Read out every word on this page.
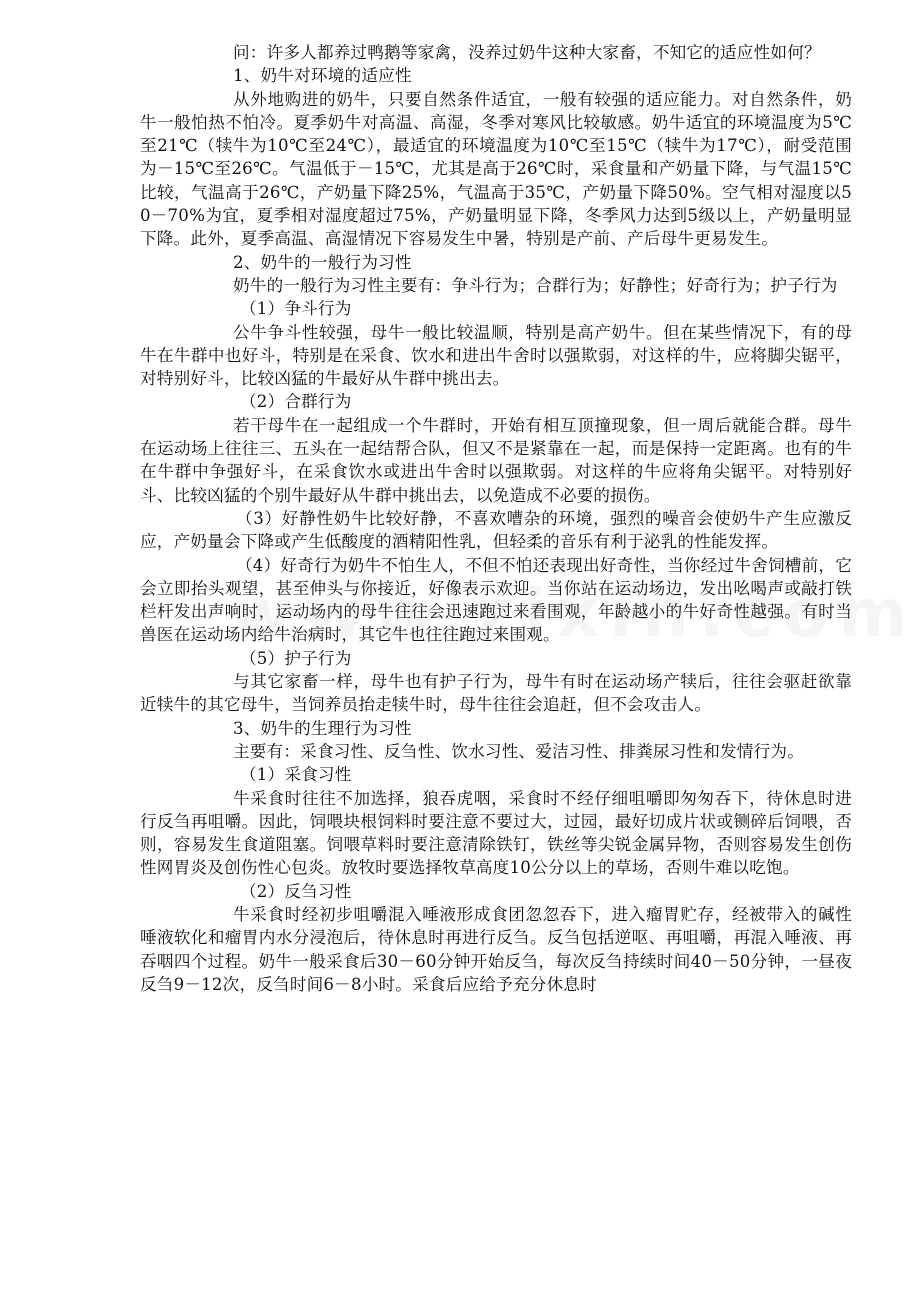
问：许多人都养过鸭鹅等家禽，没养过奶牛这种大家畜，不知它的适应性如何？

1、奶牛对环境的适应性

从外地购进的奶牛，只要自然条件适宜，一般有较强的适应能力。对自然条件，奶牛一般怕热不怕冷。夏季奶牛对高温、高湿，冬季对寒风比较敏感。奶牛适宜的环境温度为5℃至21℃（犊牛为10℃至24℃），最适宜的环境温度为10℃至15℃（犊牛为17℃），耐受范围为－15℃至26℃。气温低于－15℃，尤其是高于26℃时，采食量和产奶量下降，与气温15℃比较，气温高于26℃，产奶量下降25%，气温高于35℃，产奶量下降50%。空气相对湿度以50－70%为宜，夏季相对湿度超过75%，产奶量明显下降，冬季风力达到5级以上，产奶量明显下降。此外，夏季高温、高湿情况下容易发生中暑，特别是产前、产后母牛更易发生。

2、奶牛的一般行为习性

奶牛的一般行为习性主要有：争斗行为；合群行为；好静性；好奇行为；护子行为

（1）争斗行为

公牛争斗性较强，母牛一般比较温顺，特别是高产奶牛。但在某些情况下，有的母牛在牛群中也好斗，特别是在采食、饮水和进出牛舍时以强欺弱，对这样的牛，应将脚尖锯平，对特别好斗，比较凶猛的牛最好从牛群中挑出去。

（2）合群行为

若干母牛在一起组成一个牛群时，开始有相互顶撞现象，但一周后就能合群。母牛在运动场上往往三、五头在一起结帮合队，但又不是紧靠在一起，而是保持一定距离。也有的牛在牛群中争强好斗，在采食饮水或进出牛舍时以强欺弱。对这样的牛应将角尖锯平。对特别好斗、比较凶猛的个别牛最好从牛群中挑出去，以免造成不必要的损伤。

（3）好静性奶牛比较好静，不喜欢嘈杂的环境，强烈的噪音会使奶牛产生应激反应，产奶量会下降或产生低酸度的酒精阳性乳，但轻柔的音乐有利于泌乳的性能发挥。

（4）好奇行为奶牛不怕生人，不但不怕还表现出好奇性，当你经过牛舍饲槽前，它会立即抬头观望，甚至伸头与你接近，好像表示欢迎。当你站在运动场边，发出吆喝声或敲打铁栏杆发出声响时，运动场内的母牛往往会迅速跑过来看围观，年龄越小的牛好奇性越强。有时当兽医在运动场内给牛治病时，其它牛也往往跑过来围观。

（5）护子行为

与其它家畜一样，母牛也有护子行为，母牛有时在运动场产犊后，往往会驱赶欲靠近犊牛的其它母牛，当饲养员抬走犊牛时，母牛往往会追赶，但不会攻击人。

3、奶牛的生理行为习性

主要有：采食习性、反刍性、饮水习性、爱洁习性、排粪尿习性和发情行为。

（1）采食习性

牛采食时往往不加选择，狼吞虎咽，采食时不经仔细咀嚼即匆匆吞下，待休息时进行反刍再咀嚼。因此，饲喂块根饲料时要注意不要过大，过园，最好切成片状或铡碎后饲喂，否则，容易发生食道阻塞。饲喂草料时要注意清除铁钉，铁丝等尖锐金属异物，否则容易发生创伤性网胃炎及创伤性心包炎。放牧时要选择牧草高度10公分以上的草场，否则牛难以吃饱。

（2）反刍习性

牛采食时经初步咀嚼混入唾液形成食团忽忽吞下，进入瘤胃贮存，经被带入的碱性唾液软化和瘤胃内水分浸泡后，待休息时再进行反刍。反刍包括逆呕、再咀嚼，再混入唾液、再吞咽四个过程。奶牛一般采食后30－60分钟开始反刍，每次反刍持续时间40－50分钟，一昼夜反刍9－12次，反刍时间6－8小时。采食后应给予充分休息时
